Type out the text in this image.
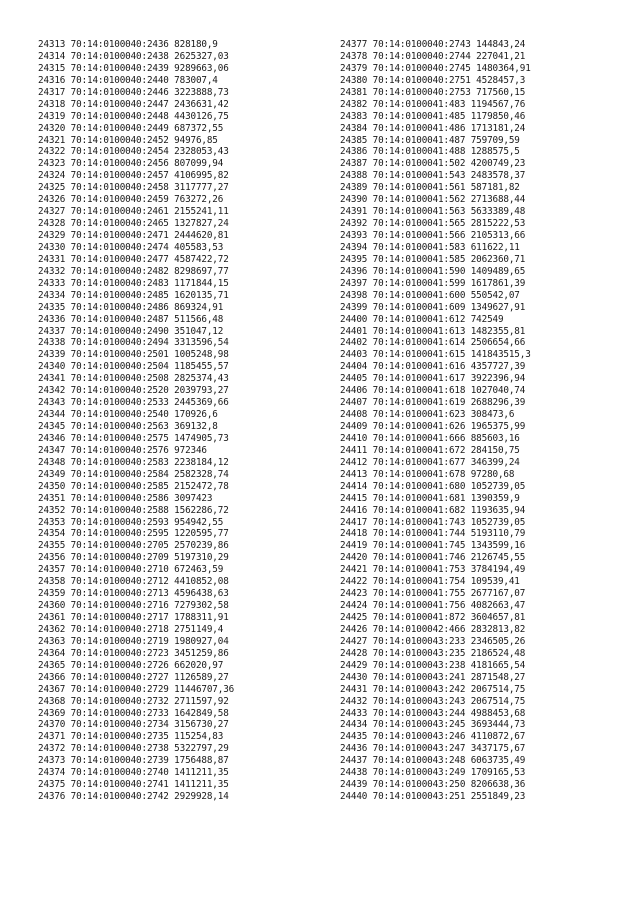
24313 70:14:0100040:2436 828180,9
24314 70:14:0100040:2438 2625327,03
24315 70:14:0100040:2439 9289663,06
24316 70:14:0100040:2440 783007,4
24317 70:14:0100040:2446 3223888,73
24318 70:14:0100040:2447 2436631,42
24319 70:14:0100040:2448 4430126,75
24320 70:14:0100040:2449 687372,55
24321 70:14:0100040:2452 94976,85
24322 70:14:0100040:2454 2328053,43
24323 70:14:0100040:2456 807099,94
24324 70:14:0100040:2457 4106995,82
24325 70:14:0100040:2458 3117777,27
24326 70:14:0100040:2459 763272,26
24327 70:14:0100040:2461 2155241,11
24328 70:14:0100040:2465 1327827,24
24329 70:14:0100040:2471 2444620,81
24330 70:14:0100040:2474 405583,53
24331 70:14:0100040:2477 4587422,72
24332 70:14:0100040:2482 8298697,77
24333 70:14:0100040:2483 1171844,15
24334 70:14:0100040:2485 1620135,71
24335 70:14:0100040:2486 869324,91
24336 70:14:0100040:2487 511566,48
24337 70:14:0100040:2490 351047,12
24338 70:14:0100040:2494 3313596,54
24339 70:14:0100040:2501 1005248,98
24340 70:14:0100040:2504 1185455,57
24341 70:14:0100040:2508 2825374,43
24342 70:14:0100040:2520 2039793,27
24343 70:14:0100040:2533 2445369,66
24344 70:14:0100040:2540 170926,6
24345 70:14:0100040:2563 369132,8
24346 70:14:0100040:2575 1474905,73
24347 70:14:0100040:2576 972346
24348 70:14:0100040:2583 2238184,12
24349 70:14:0100040:2584 2582328,74
24350 70:14:0100040:2585 2152472,78
24351 70:14:0100040:2586 3097423
24352 70:14:0100040:2588 1562286,72
24353 70:14:0100040:2593 954942,55
24354 70:14:0100040:2595 1220595,77
24355 70:14:0100040:2705 2570239,86
24356 70:14:0100040:2709 5197310,29
24357 70:14:0100040:2710 672463,59
24358 70:14:0100040:2712 4410852,08
24359 70:14:0100040:2713 4596438,63
24360 70:14:0100040:2716 7279302,58
24361 70:14:0100040:2717 1788311,91
24362 70:14:0100040:2718 2751149,4
24363 70:14:0100040:2719 1980927,04
24364 70:14:0100040:2723 3451259,86
24365 70:14:0100040:2726 662020,97
24366 70:14:0100040:2727 1126589,27
24367 70:14:0100040:2729 11446707,36
24368 70:14:0100040:2732 2711597,92
24369 70:14:0100040:2733 1642849,58
24370 70:14:0100040:2734 3156730,27
24371 70:14:0100040:2735 115254,83
24372 70:14:0100040:2738 5322797,29
24373 70:14:0100040:2739 1756488,87
24374 70:14:0100040:2740 1411211,35
24375 70:14:0100040:2741 1411211,35
24376 70:14:0100040:2742 2929928,14
24377 70:14:0100040:2743 144843,24
24378 70:14:0100040:2744 227041,21
24379 70:14:0100040:2745 1480364,91
24380 70:14:0100040:2751 4528457,3
24381 70:14:0100040:2753 717560,15
24382 70:14:0100041:483 1194567,76
24383 70:14:0100041:485 1179850,46
24384 70:14:0100041:486 1713181,24
24385 70:14:0100041:487 759709,59
24386 70:14:0100041:488 1288575,5
24387 70:14:0100041:502 4200749,23
24388 70:14:0100041:543 2483578,37
24389 70:14:0100041:561 587181,82
24390 70:14:0100041:562 2713688,44
24391 70:14:0100041:563 5633389,48
24392 70:14:0100041:565 2815222,53
24393 70:14:0100041:566 2105313,66
24394 70:14:0100041:583 611622,11
24395 70:14:0100041:585 2062360,71
24396 70:14:0100041:590 1409489,65
24397 70:14:0100041:599 1617861,39
24398 70:14:0100041:600 550542,07
24399 70:14:0100041:609 1349627,91
24400 70:14:0100041:612 742549
24401 70:14:0100041:613 1482355,81
24402 70:14:0100041:614 2506654,66
24403 70:14:0100041:615 141843515,3
24404 70:14:0100041:616 4357727,39
24405 70:14:0100041:617 3922396,94
24406 70:14:0100041:618 1027040,74
24407 70:14:0100041:619 2688296,39
24408 70:14:0100041:623 308473,6
24409 70:14:0100041:626 1965375,99
24410 70:14:0100041:666 885603,16
24411 70:14:0100041:672 284150,75
24412 70:14:0100041:677 346399,24
24413 70:14:0100041:678 97280,68
24414 70:14:0100041:680 1052739,05
24415 70:14:0100041:681 1390359,9
24416 70:14:0100041:682 1193635,94
24417 70:14:0100041:743 1052739,05
24418 70:14:0100041:744 5193110,79
24419 70:14:0100041:745 1343599,16
24420 70:14:0100041:746 2126745,55
24421 70:14:0100041:753 3784194,49
24422 70:14:0100041:754 109539,41
24423 70:14:0100041:755 2677167,07
24424 70:14:0100041:756 4082663,47
24425 70:14:0100041:872 3604657,81
24426 70:14:0100042:466 2832813,82
24427 70:14:0100043:233 2346505,26
24428 70:14:0100043:235 2186524,48
24429 70:14:0100043:238 4181665,54
24430 70:14:0100043:241 2871548,27
24431 70:14:0100043:242 2067514,75
24432 70:14:0100043:243 2067514,75
24433 70:14:0100043:244 4988453,68
24434 70:14:0100043:245 3693444,73
24435 70:14:0100043:246 4110872,67
24436 70:14:0100043:247 3437175,67
24437 70:14:0100043:248 6063735,49
24438 70:14:0100043:249 1709165,53
24439 70:14:0100043:250 8206638,36
24440 70:14:0100043:251 2551849,23
